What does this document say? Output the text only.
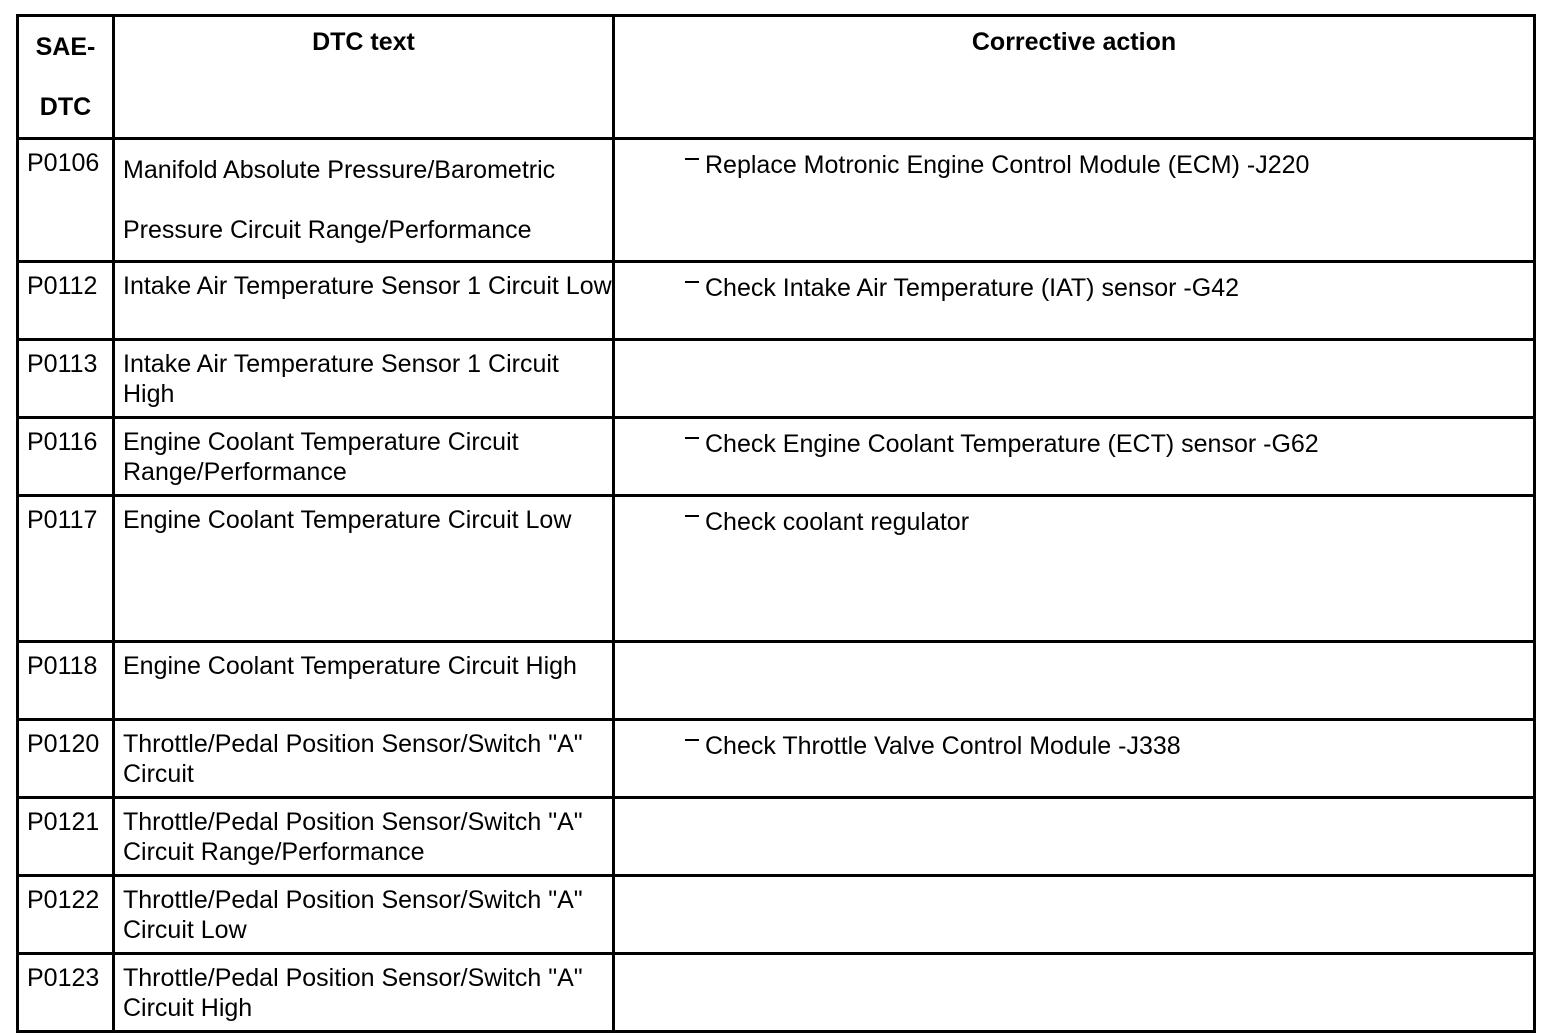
SAE-DTC	DTC text	Corrective action
P0106	Manifold Absolute Pressure/Barometric Pressure Circuit Range/Performance	Replace Motronic Engine Control Module (ECM) -J220
P0112	Intake Air Temperature Sensor 1 Circuit Low	Check Intake Air Temperature (IAT) sensor -G42
P0113	Intake Air Temperature Sensor 1 Circuit High	
P0116	Engine Coolant Temperature Circuit Range/Performance	Check Engine Coolant Temperature (ECT) sensor -G62
P0117	Engine Coolant Temperature Circuit Low	Check coolant regulator
P0118	Engine Coolant Temperature Circuit High	
P0120	Throttle/Pedal Position Sensor/Switch "A" Circuit	Check Throttle Valve Control Module -J338
P0121	Throttle/Pedal Position Sensor/Switch "A" Circuit Range/Performance	
P0122	Throttle/Pedal Position Sensor/Switch "A" Circuit Low	
P0123	Throttle/Pedal Position Sensor/Switch "A" Circuit High	
